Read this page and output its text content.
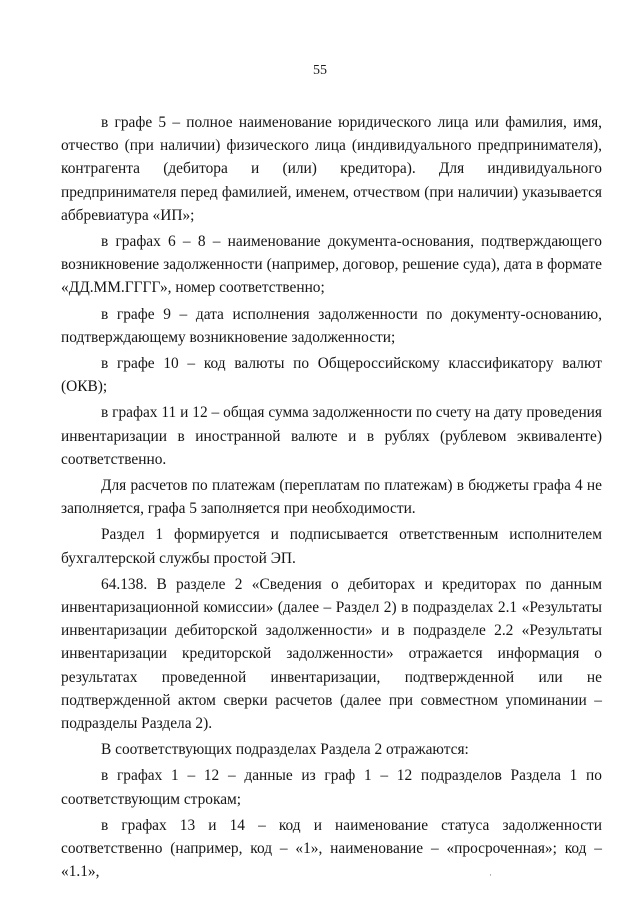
55

в графе 5 – полное наименование юридического лица или фамилия, имя, отчество (при наличии) физического лица (индивидуального предпринимателя), контрагента (дебитора и (или) кредитора). Для индивидуального предпринимателя перед фамилией, именем, отчеством (при наличии) указывается аббревиатура «ИП»;

в графах 6 – 8 – наименование документа-основания, подтверждающего возникновение задолженности (например, договор, решение суда), дата в формате «ДД.ММ.ГГГГ», номер соответственно;

в графе 9 – дата исполнения задолженности по документу-основанию, подтверждающему возникновение задолженности;

в графе 10 – код валюты по Общероссийскому классификатору валют (ОКВ);

в графах 11 и 12 – общая сумма задолженности по счету на дату проведения инвентаризации в иностранной валюте и в рублях (рублевом эквиваленте) соответственно.

Для расчетов по платежам (переплатам по платежам) в бюджеты графа 4 не заполняется, графа 5 заполняется при необходимости.

Раздел 1 формируется и подписывается ответственным исполнителем бухгалтерской службы простой ЭП.

64.138. В разделе 2 «Сведения о дебиторах и кредиторах по данным инвентаризационной комиссии» (далее – Раздел 2) в подразделах 2.1 «Результаты инвентаризации дебиторской задолженности» и в подразделе 2.2 «Результаты инвентаризации кредиторской задолженности» отражается информация о результатах проведенной инвентаризации, подтвержденной или не подтвержденной актом сверки расчетов (далее при совместном упоминании – подразделы Раздела 2).

В соответствующих подразделах Раздела 2 отражаются:

в графах 1 – 12 – данные из граф 1 – 12 подразделов Раздела 1 по соответствующим строкам;

в графах 13 и 14 – код и наименование статуса задолженности соответственно (например, код – «1», наименование – «просроченная»; код – «1.1»,	·
